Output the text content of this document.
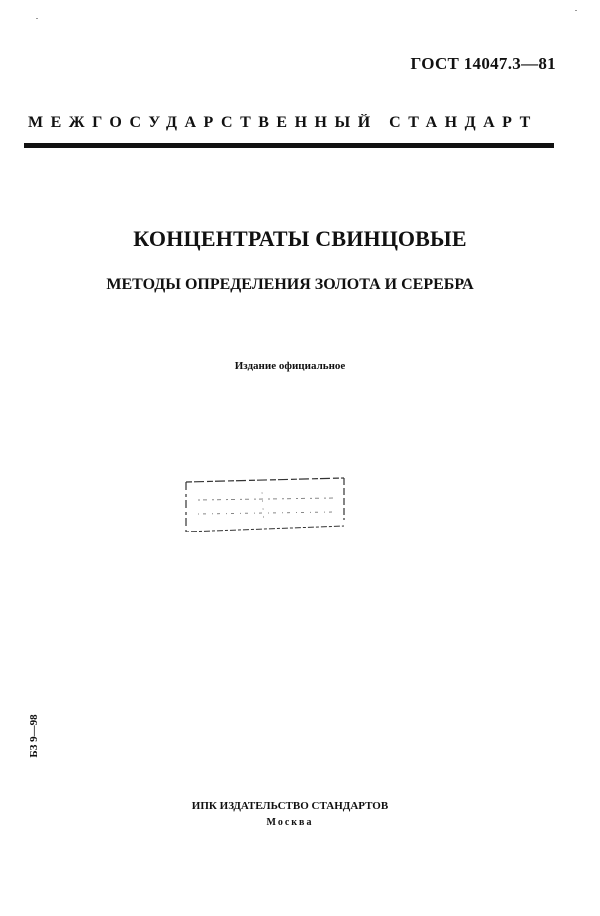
ГОСТ 14047.3—81
МЕЖГОСУДАРСТВЕННЫЙ СТАНДАРТ
КОНЦЕНТРАТЫ СВИНЦОВЫЕ
МЕТОДЫ ОПРЕДЕЛЕНИЯ ЗОЛОТА И СЕРЕБРА
Издание официальное
БЗ 9—98
ИПК ИЗДАТЕЛЬСТВО СТАНДАРТОВ
Москва
